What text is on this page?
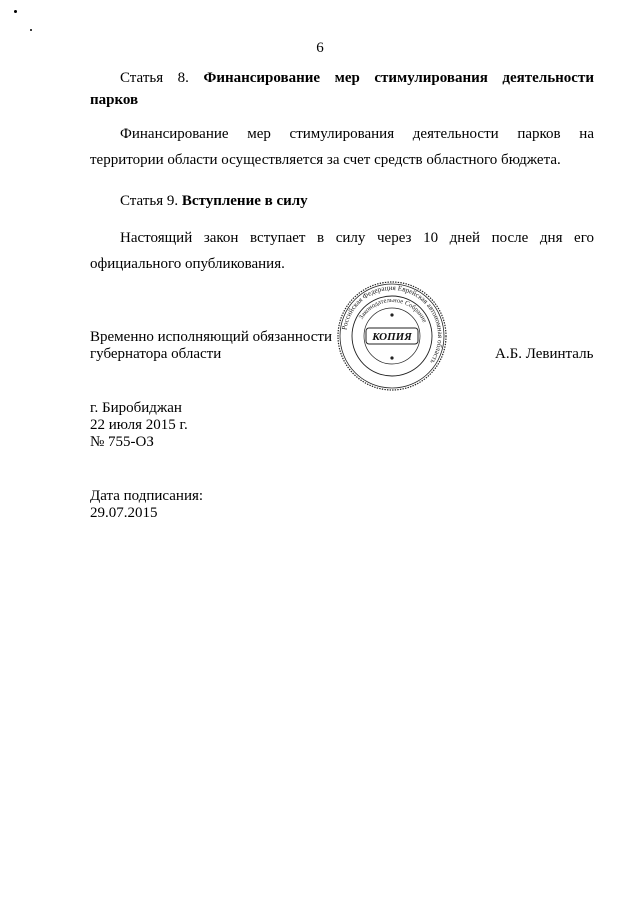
6
Статья 8. Финансирование мер стимулирования деятельности
парков
Финансирование мер стимулирования деятельности парков на
территории области осуществляется за счет средств областного бюджета.
Статья 9. Вступление в силу
Настоящий закон вступает в силу через 10 дней после дня его
официального опубликования.
Временно исполняющий обязанности
губернатора области	А.Б. Левинталь
Российская Федерация Еврейская автономная область
Законодательное Собрание
КОПИЯ
г. Биробиджан
22 июля 2015 г.
№ 755-ОЗ
Дата подписания:
29.07.2015
